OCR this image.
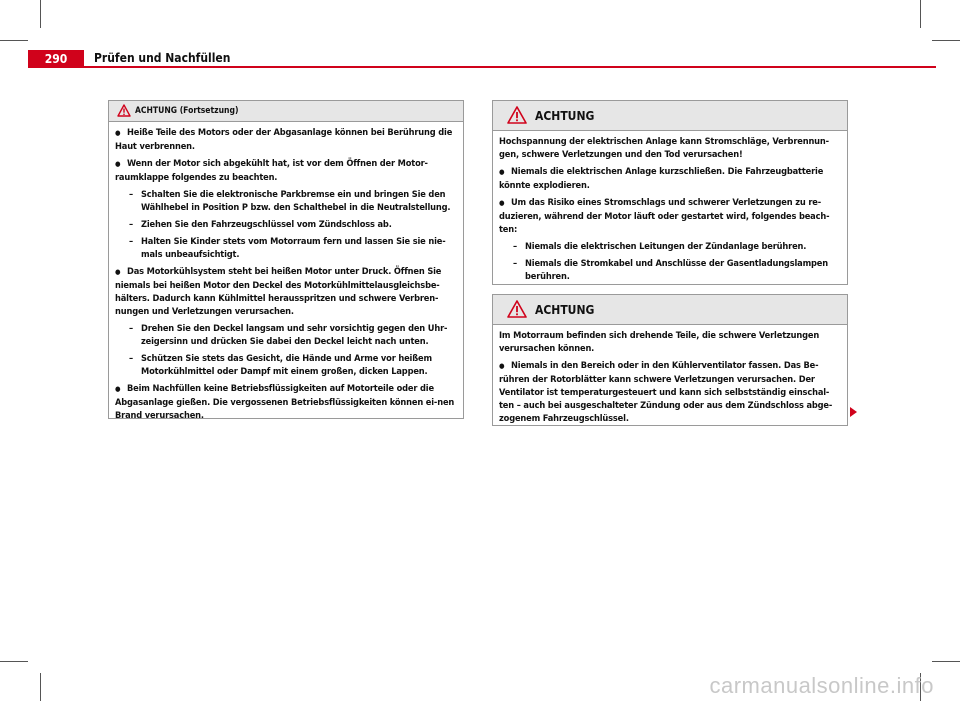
290	Prüfen und Nachfüllen
ACHTUNG (Fortsetzung)

● Heiße Teile des Motors oder der Abgasanlage können bei Berührung die Haut verbrennen.

● Wenn der Motor sich abgekühlt hat, ist vor dem Öffnen der Motor-raumklappe folgendes zu beachten.

– Schalten Sie die elektronische Parkbremse ein und bringen Sie den Wählhebel in Position P bzw. den Schalthebel in die Neutralstellung.

– Ziehen Sie den Fahrzeugschlüssel vom Zündschloss ab.

– Halten Sie Kinder stets vom Motorraum fern und lassen Sie sie nie-mals unbeaufsichtigt.

● Das Motorkühlsystem steht bei heißen Motor unter Druck. Öffnen Sie niemals bei heißen Motor den Deckel des Motorkühlmittelausgleichsbe-hälters. Dadurch kann Kühlmittel herausspritzen und schwere Verbren-nungen und Verletzungen verursachen.

– Drehen Sie den Deckel langsam und sehr vorsichtig gegen den Uhr-zeigersinn und drücken Sie dabei den Deckel leicht nach unten.

– Schützen Sie stets das Gesicht, die Hände und Arme vor heißem Motorkühlmittel oder Dampf mit einem großen, dicken Lappen.

● Beim Nachfüllen keine Betriebsflüssigkeiten auf Motorteile oder die Abgasanlage gießen. Die vergossenen Betriebsflüssigkeiten können ei-nen Brand verursachen.

ACHTUNG

Hochspannung der elektrischen Anlage kann Stromschläge, Verbrennun-gen, schwere Verletzungen und den Tod verursachen!

● Niemals die elektrischen Anlage kurzschließen. Die Fahrzeugbatterie könnte explodieren.

● Um das Risiko eines Stromschlags und schwerer Verletzungen zu re-duzieren, während der Motor läuft oder gestartet wird, folgendes beach-ten:

– Niemals die elektrischen Leitungen der Zündanlage berühren.

– Niemals die Stromkabel und Anschlüsse der Gasentladungslampen berühren.

ACHTUNG

Im Motorraum befinden sich drehende Teile, die schwere Verletzungen verursachen können.

● Niemals in den Bereich oder in den Kühlerventilator fassen. Das Be-rühren der Rotorblätter kann schwere Verletzungen verursachen. Der Ventilator ist temperaturgesteuert und kann sich selbstständig einschal-ten – auch bei ausgeschalteter Zündung oder aus dem Zündschloss abge-zogenem Fahrzeugschlüssel.

carmanualsonline.info
